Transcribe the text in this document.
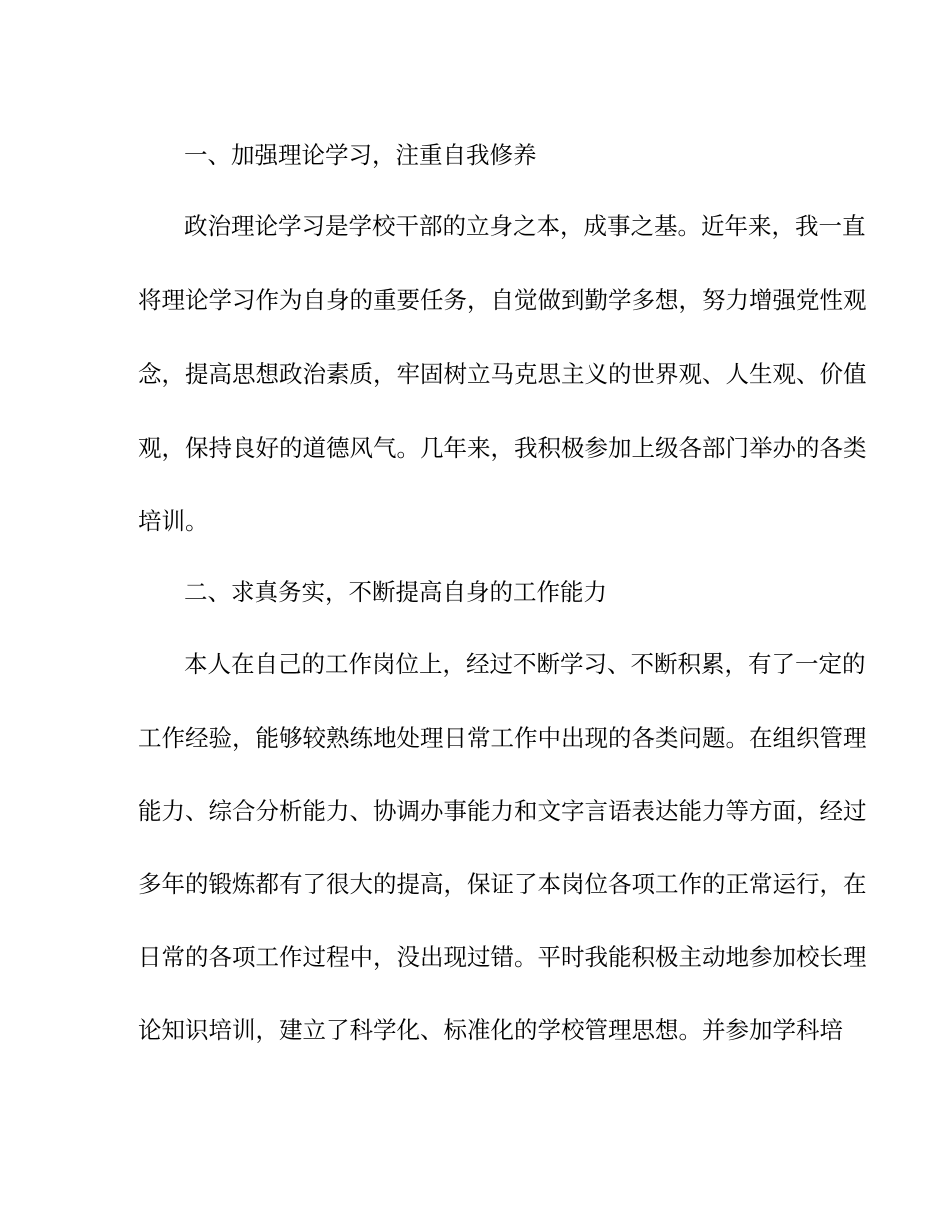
一、加强理论学习，注重自我修养
政治理论学习是学校干部的立身之本，成事之基。近年来，我一直
将理论学习作为自身的重要任务，自觉做到勤学多想，努力增强党性观
念，提高思想政治素质，牢固树立马克思主义的世界观、人生观、价值
观，保持良好的道德风气。几年来，我积极参加上级各部门举办的各类
培训。
二、求真务实，不断提高自身的工作能力
本人在自己的工作岗位上，经过不断学习、不断积累，有了一定的
工作经验，能够较熟练地处理日常工作中出现的各类问题。在组织管理
能力、综合分析能力、协调办事能力和文字言语表达能力等方面，经过
多年的锻炼都有了很大的提高，保证了本岗位各项工作的正常运行，在
日常的各项工作过程中，没出现过错。平时我能积极主动地参加校长理
论知识培训，建立了科学化、标准化的学校管理思想。并参加学科培
